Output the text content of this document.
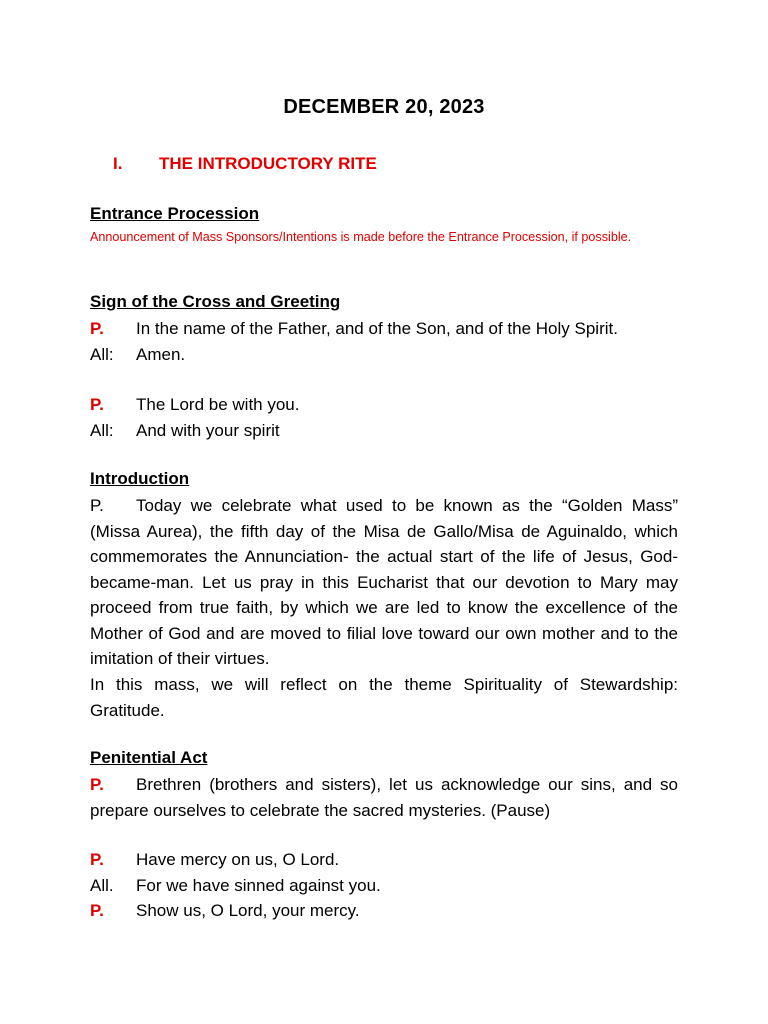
DECEMBER 20, 2023
I. THE INTRODUCTORY RITE
Entrance Procession
Announcement of Mass Sponsors/Intentions is made before the Entrance Procession, if possible.
Sign of the Cross and Greeting
P. In the name of the Father, and of the Son, and of the Holy Spirit.
All: Amen.
P. The Lord be with you.
All: And with your spirit
Introduction
P. Today we celebrate what used to be known as the “Golden Mass” (Missa Aurea), the fifth day of the Misa de Gallo/Misa de Aguinaldo, which commemorates the Annunciation- the actual start of the life of Jesus, God-became-man. Let us pray in this Eucharist that our devotion to Mary may proceed from true faith, by which we are led to know the excellence of the Mother of God and are moved to filial love toward our own mother and to the imitation of their virtues.
In this mass, we will reflect on the theme Spirituality of Stewardship: Gratitude.
Penitential Act
P. Brethren (brothers and sisters), let us acknowledge our sins, and so prepare ourselves to celebrate the sacred mysteries. (Pause)
P. Have mercy on us, O Lord.
All. For we have sinned against you.
P. Show us, O Lord, your mercy.
